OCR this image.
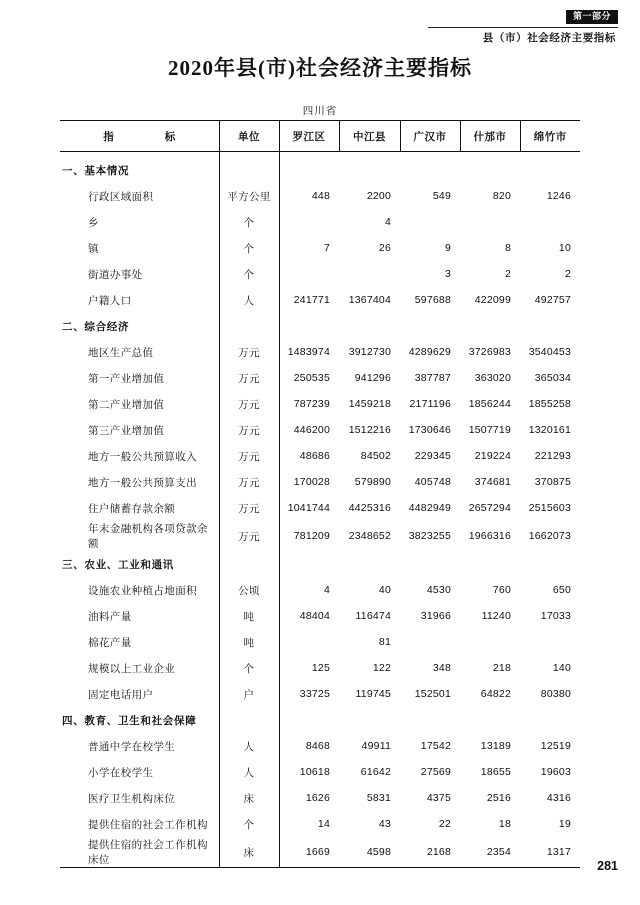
第一部分
县（市）社会经济主要指标
2020年县(市)社会经济主要指标
四川省
指　　标	单位	罗江区	中江县	广汉市	什邡市	绵竹市
一、基本情况						
行政区域面积	平方公里	448	2200	549	820	1246
乡	个		4			
镇	个	7	26	9	8	10
街道办事处	个			3	2	2
户籍人口	人	241771	1367404	597688	422099	492757
二、综合经济						
地区生产总值	万元	1483974	3912730	4289629	3726983	3540453
第一产业增加值	万元	250535	941296	387787	363020	365034
第二产业增加值	万元	787239	1459218	2171196	1856244	1855258
第三产业增加值	万元	446200	1512216	1730646	1507719	1320161
地方一般公共预算收入	万元	48686	84502	229345	219224	221293
地方一般公共预算支出	万元	170028	579890	405748	374681	370875
住户储蓄存款余额	万元	1041744	4425316	4482949	2657294	2515603
年末金融机构各项贷款余额	万元	781209	2348652	3823255	1966316	1662073
三、农业、工业和通讯						
设施农业种植占地面积	公顷	4	40	4530	760	650
油料产量	吨	48404	116474	31966	11240	17033
棉花产量	吨		81			
规模以上工业企业	个	125	122	348	218	140
固定电话用户	户	33725	119745	152501	64822	80380
四、教育、卫生和社会保障						
普通中学在校学生	人	8468	49911	17542	13189	12519
小学在校学生	人	10618	61642	27569	18655	19603
医疗卫生机构床位	床	1626	5831	4375	2516	4316
提供住宿的社会工作机构	个	14	43	22	18	19
提供住宿的社会工作机构床位	床	1669	4598	2168	2354	1317
281
